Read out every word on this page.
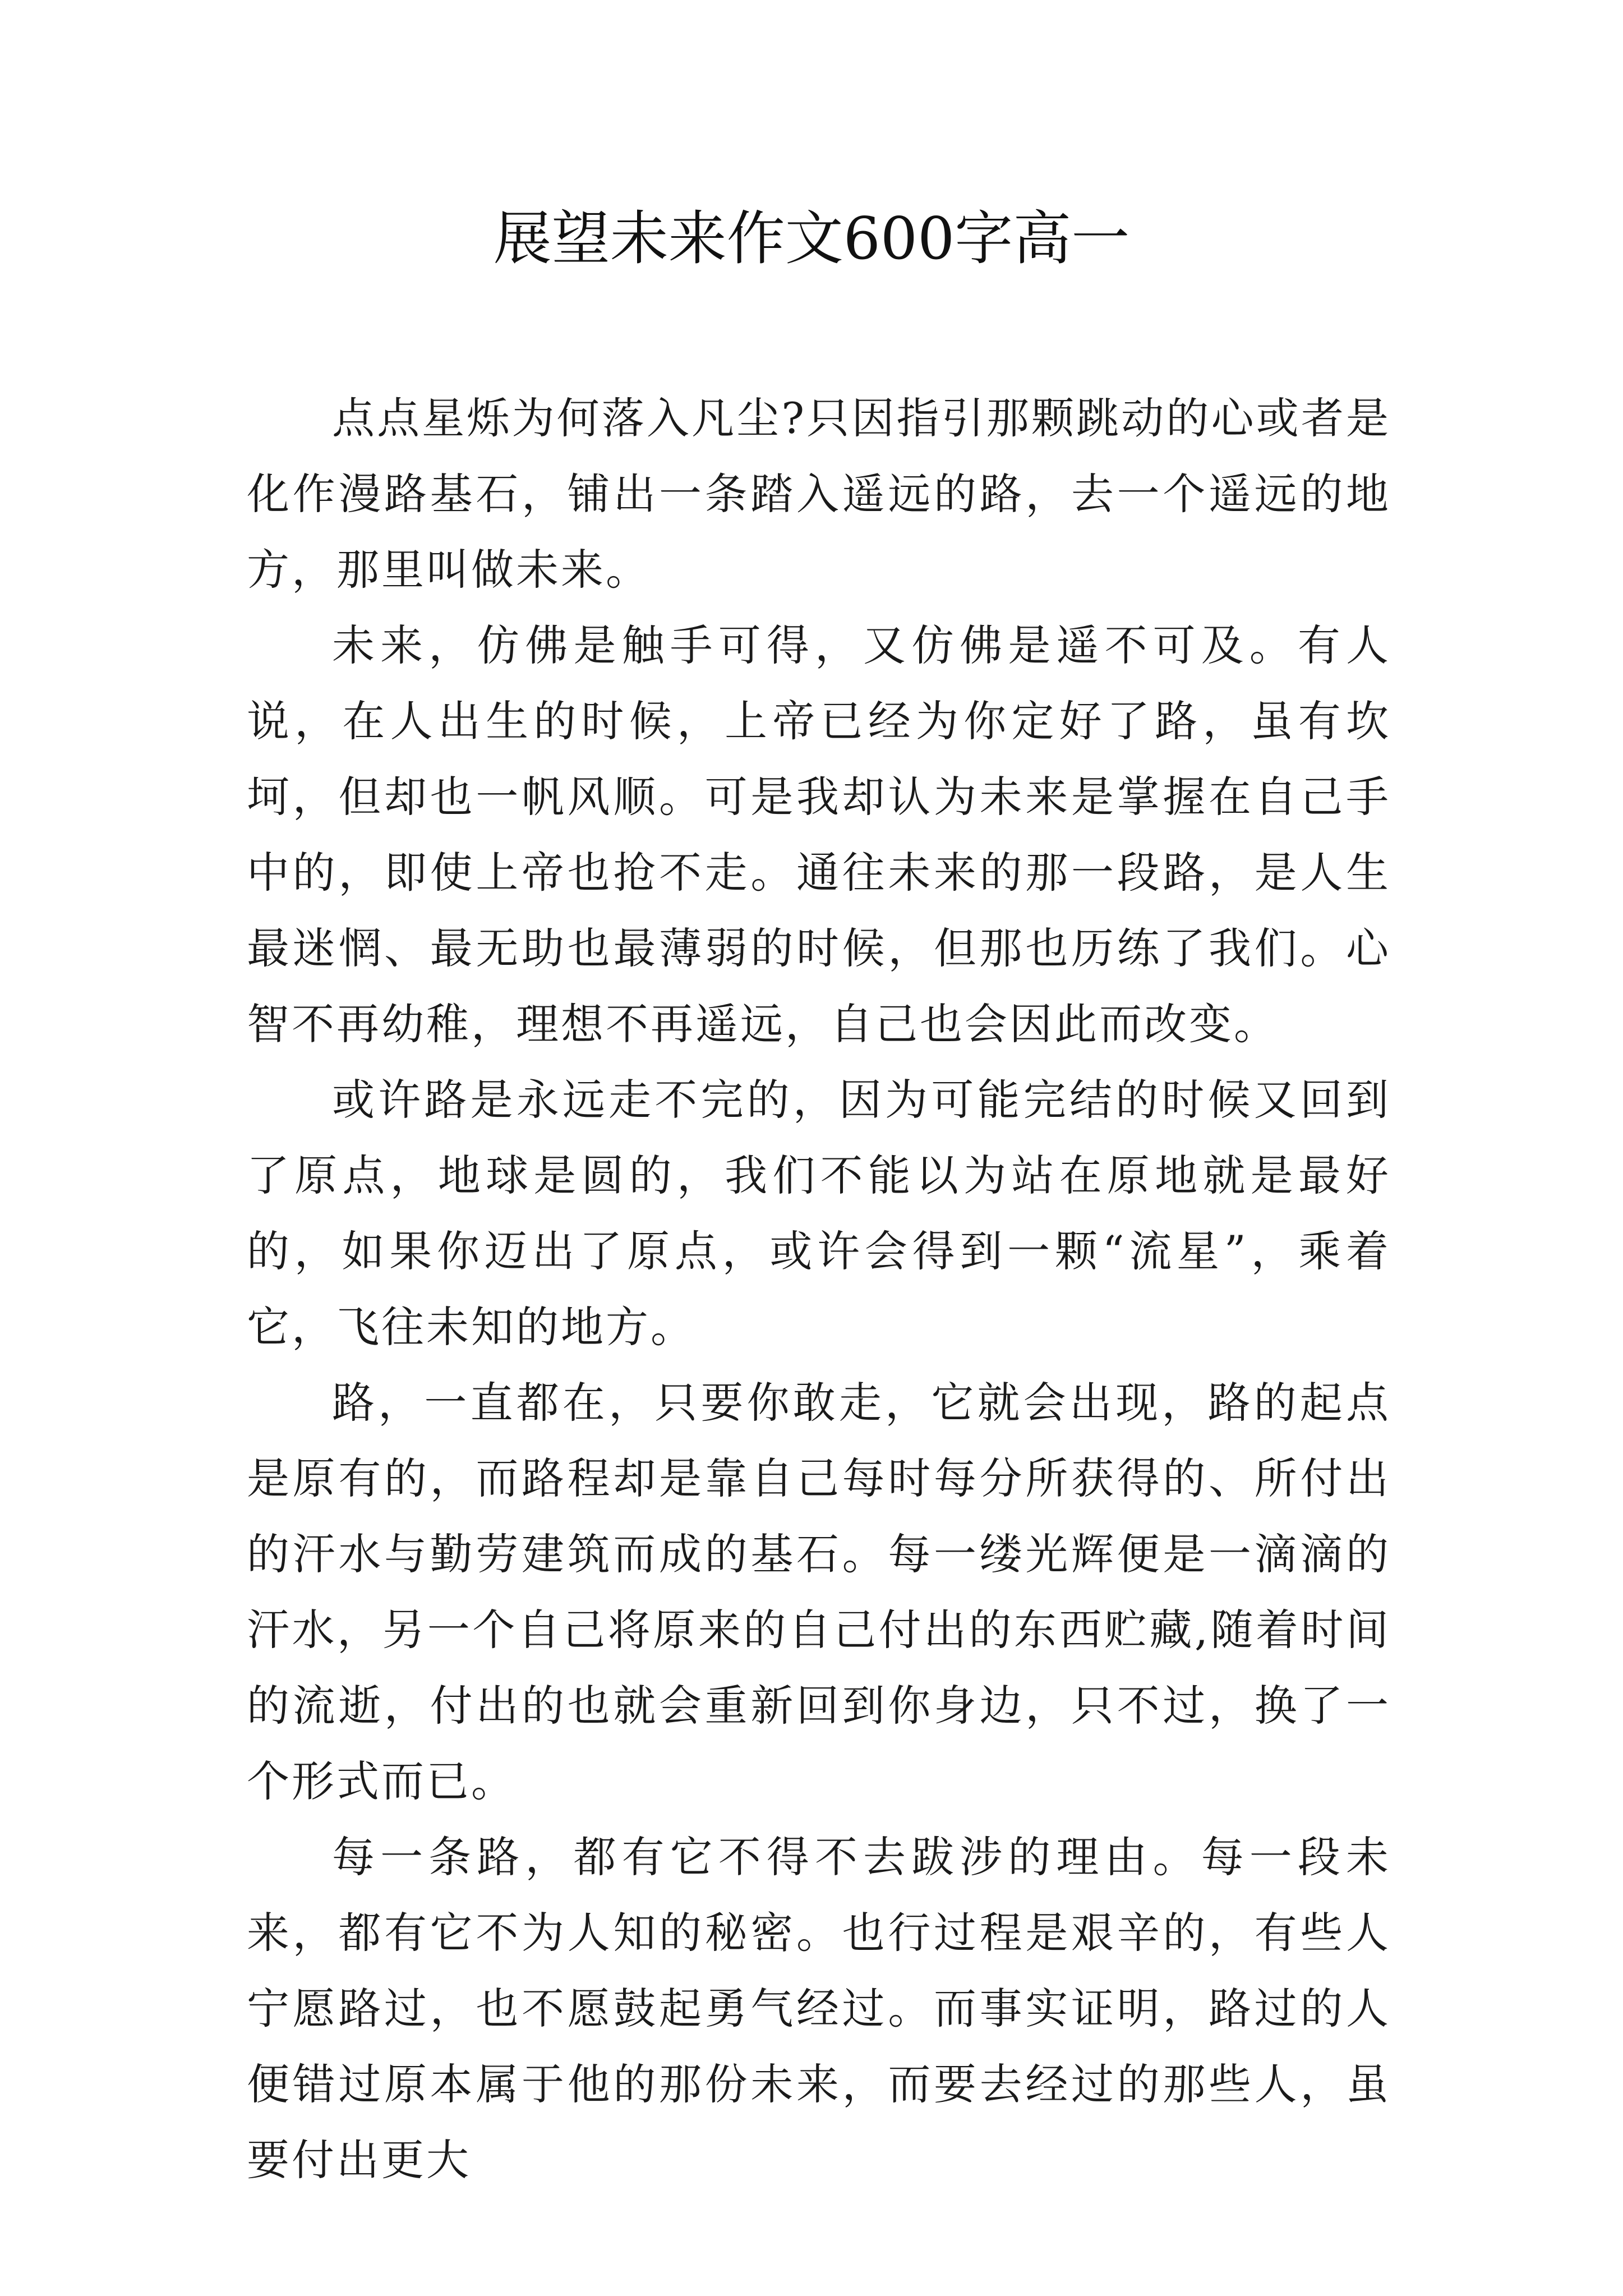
展望未来作文600字高一

点点星烁为何落入凡尘?只因指引那颗跳动的心或者是化作漫路基石，铺出一条踏入遥远的路，去一个遥远的地方，那里叫做未来。

未来，仿佛是触手可得，又仿佛是遥不可及。有人说，在人出生的时候，上帝已经为你定好了路，虽有坎坷，但却也一帆风顺。可是我却认为未来是掌握在自己手中的，即使上帝也抢不走。通往未来的那一段路，是人生最迷惘、最无助也最薄弱的时候，但那也历练了我们。心智不再幼稚，理想不再遥远，自己也会因此而改变。

或许路是永远走不完的，因为可能完结的时候又回到了原点，地球是圆的，我们不能以为站在原地就是最好的，如果你迈出了原点，或许会得到一颗“流星”，乘着它，飞往未知的地方。

路，一直都在，只要你敢走，它就会出现，路的起点是原有的，而路程却是靠自己每时每分所获得的、所付出的汗水与勤劳建筑而成的基石。每一缕光辉便是一滴滴的汗水，另一个自己将原来的自己付出的东西贮藏,随着时间的流逝，付出的也就会重新回到你身边，只不过，换了一个形式而已。

每一条路，都有它不得不去跋涉的理由。每一段未来，都有它不为人知的秘密。也行过程是艰辛的，有些人宁愿路过，也不愿鼓起勇气经过。而事实证明，路过的人便错过原本属于他的那份未来，而要去经过的那些人，虽要付出更大
